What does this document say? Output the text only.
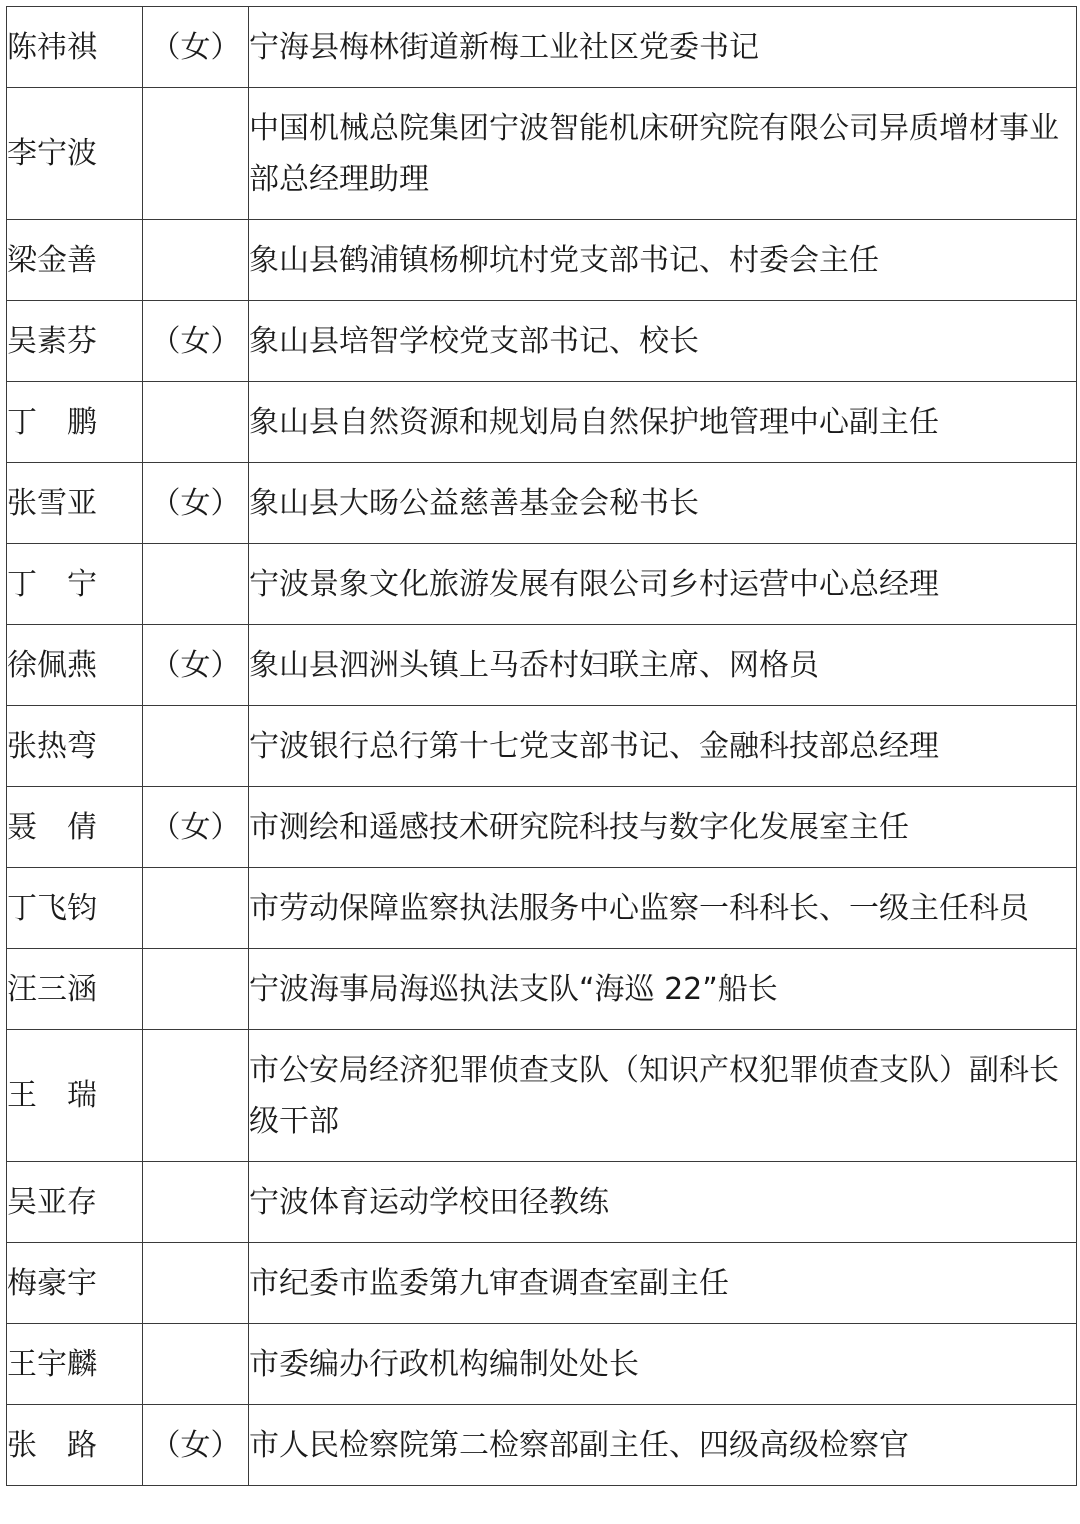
陈祎祺	（女）	宁海县梅林街道新梅工业社区党委书记
李宁波		中国机械总院集团宁波智能机床研究院有限公司异质增材事业部总经理助理
梁金善		象山县鹤浦镇杨柳坑村党支部书记、村委会主任
吴素芬	（女）	象山县培智学校党支部书记、校长
丁　鹏		象山县自然资源和规划局自然保护地管理中心副主任
张雪亚	（女）	象山县大旸公益慈善基金会秘书长
丁　宁		宁波景象文化旅游发展有限公司乡村运营中心总经理
徐佩燕	（女）	象山县泗洲头镇上马岙村妇联主席、网格员
张热弯		宁波银行总行第十七党支部书记、金融科技部总经理
聂　倩	（女）	市测绘和遥感技术研究院科技与数字化发展室主任
丁飞钧		市劳动保障监察执法服务中心监察一科科长、一级主任科员
汪三涵		宁波海事局海巡执法支队“海巡 22”船长
王　瑞		市公安局经济犯罪侦查支队（知识产权犯罪侦查支队）副科长级干部
吴亚存		宁波体育运动学校田径教练
梅豪宇		市纪委市监委第九审查调查室副主任
王宇麟		市委编办行政机构编制处处长
张　路	（女）	市人民检察院第二检察部副主任、四级高级检察官
